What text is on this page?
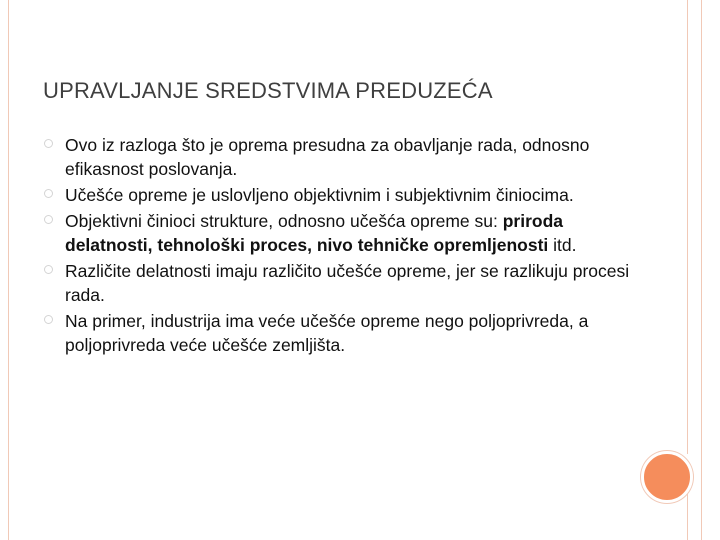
UPRAVLJANJE SREDSTVIMA PREDUZEĆA
Ovo iz razloga što je oprema presudna za obavljanje rada, odnosno efikasnost poslovanja.
Učešće opreme je uslovljeno objektivnim i subjektivnim činiocima.
Objektivni činioci strukture, odnosno učešća opreme su: priroda delatnosti, tehnološki proces, nivo tehničke opremljenosti itd.
Različite delatnosti imaju različito učešće opreme, jer se razlikuju procesi rada.
Na primer, industrija ima veće učešće opreme nego poljoprivreda, a poljoprivreda veće učešće zemljišta.
